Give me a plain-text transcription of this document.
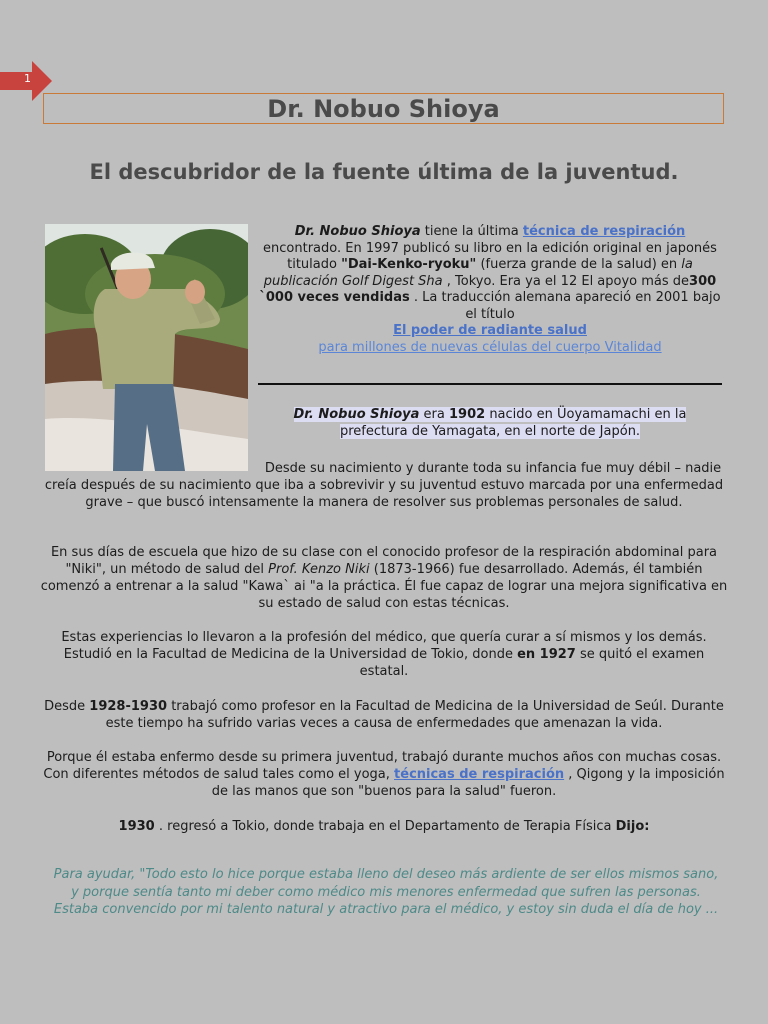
1
Dr. Nobuo Shioya
El descubridor de la fuente última de la juventud.
Dr. Nobuo Shioya tiene la última técnica de respiración encontrado. En 1997 publicó su libro en la edición original en japonés titulado "Dai-Kenko-ryoku" (fuerza grande de la salud) en la publicación Golf Digest Sha , Tokyo. Era ya el 12 El apoyo más de300 `000 veces vendidas . La traducción alemana apareció en 2001 bajo el título
El poder de radiante salud
para millones de nuevas células del cuerpo Vitalidad
Dr. Nobuo Shioya era 1902 nacido en Üoyamamachi en la prefectura de Yamagata, en el norte de Japón.
Desde su nacimiento y durante toda su infancia fue muy débil – nadie creía después de su nacimiento que iba a sobrevivir y su juventud estuvo marcada por una enfermedad grave – que buscó intensamente la manera de resolver sus problemas personales de salud.
En sus días de escuela que hizo de su clase con el conocido profesor de la respiración abdominal para "Niki", un método de salud del Prof. Kenzo Niki (1873-1966) fue desarrollado. Además, él también comenzó a entrenar a la salud "Kawa` ai "a la práctica. Él fue capaz de lograr una mejora significativa en su estado de salud con estas técnicas.
Estas experiencias lo llevaron a la profesión del médico, que quería curar a sí mismos y los demás. Estudió en la Facultad de Medicina de la Universidad de Tokio, donde en 1927 se quitó el examen estatal.
Desde 1928-1930 trabajó como profesor en la Facultad de Medicina de la Universidad de Seúl. Durante este tiempo ha sufrido varias veces a causa de enfermedades que amenazan la vida.
Porque él estaba enfermo desde su primera juventud, trabajó durante muchos años con muchas cosas. Con diferentes métodos de salud tales como el yoga, técnicas de respiración , Qigong y la imposición de las manos que son "buenos para la salud" fueron.
1930 . regresó a Tokio, donde trabaja en el Departamento de Terapia Física Dijo:
Para ayudar, "Todo esto lo hice porque estaba lleno del deseo más ardiente de ser ellos mismos sano, y porque sentía tanto mi deber como médico mis menores enfermedad que sufren las personas. Estaba convencido por mi talento natural y atractivo para el médico, y estoy sin duda el día de hoy ...
